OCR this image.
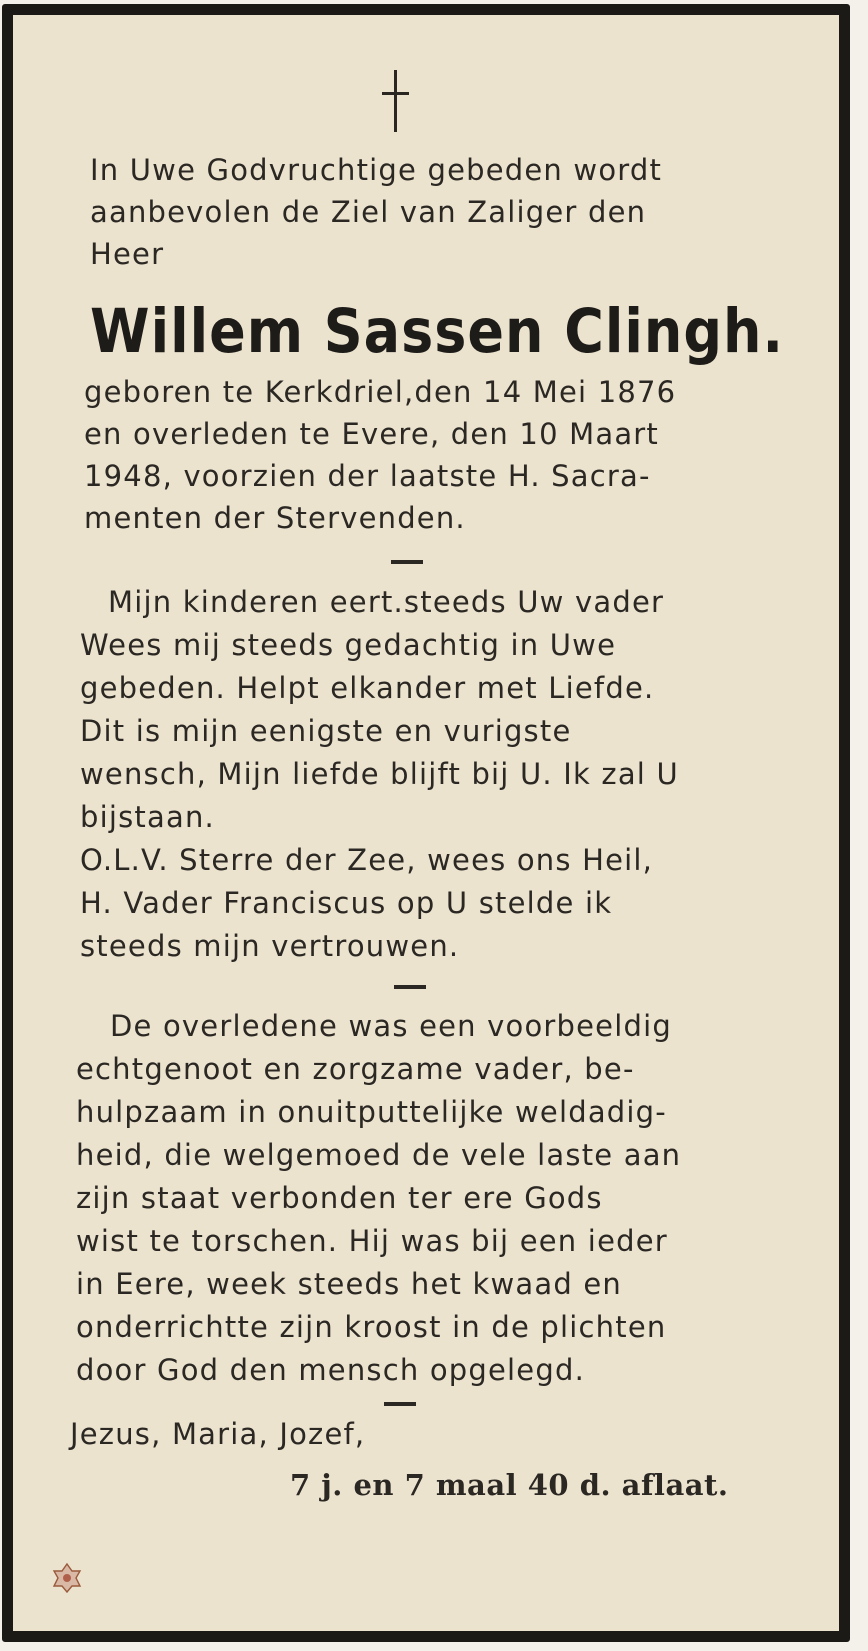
In Uwe Godvruchtige gebeden wordt

aanbevolen de Ziel van Zaliger den

Heer

Willem Sassen Clingh.

geboren te Kerkdriel,den 14 Mei 1876

en overleden te Evere, den 10 Maart

1948, voorzien der laatste H. Sacra-

menten der Stervenden.

Mijn kinderen eert.steeds Uw vader

Wees mij steeds gedachtig in Uwe

gebeden. Helpt elkander met Liefde.

Dit is mijn eenigste en vurigste

wensch, Mijn liefde blijft bij U. Ik zal U

bijstaan.

O.L.V. Sterre der Zee, wees ons Heil,

H. Vader Franciscus op U stelde ik

steeds mijn vertrouwen.

De overledene was een voorbeeldig

echtgenoot en zorgzame vader, be-

hulpzaam in onuitputtelijke weldadig-

heid, die welgemoed de vele laste aan

zijn staat verbonden ter ere Gods

wist te torschen. Hij was bij een ieder

in Eere, week steeds het kwaad en

onderrichtte zijn kroost in de plichten

door God den mensch opgelegd.

Jezus, Maria, Jozef,

7 j. en 7 maal 40 d. aflaat.
